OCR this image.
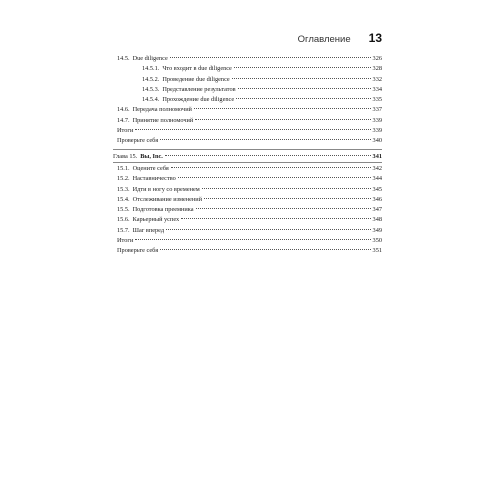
Оглавление 13
14.5. Due diligence	326
14.5.1. Что входит в due diligence	328
14.5.2. Проведение due diligence	332
14.5.3. Представление результатов	334
14.5.4. Прохождение due diligence	335
14.6. Передача полномочий	337
14.7. Принятие полномочий	339
Итоги	339
Проверьте себя	340
Глава 15. Вы, Inc.	341
15.1. Оцените себя	342
15.2. Наставничество	344
15.3. Идти в ногу со временем	345
15.4. Отслеживание изменений	346
15.5. Подготовка преемника	347
15.6. Карьерный успех	348
15.7. Шаг вперед	349
Итоги	350
Проверьте себя	351
